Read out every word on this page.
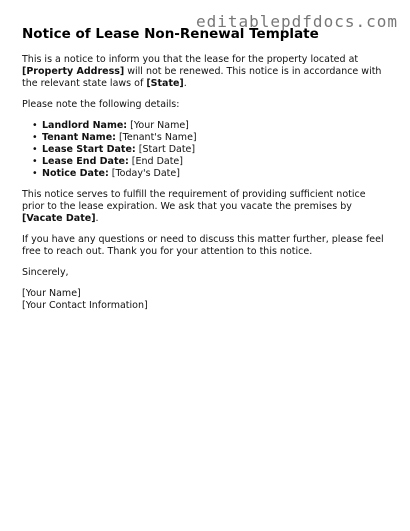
editablepdfdocs.com
Notice of Lease Non-Renewal Template

This is a notice to inform you that the lease for the property located at [Property Address] will not be renewed. This notice is in accordance with the relevant state laws of [State].

Please note the following details:

• Landlord Name: [Your Name]
• Tenant Name: [Tenant's Name]
• Lease Start Date: [Start Date]
• Lease End Date: [End Date]
• Notice Date: [Today's Date]

This notice serves to fulfill the requirement of providing sufficient notice prior to the lease expiration. We ask that you vacate the premises by [Vacate Date].

If you have any questions or need to discuss this matter further, please feel free to reach out. Thank you for your attention to this notice.

Sincerely,

[Your Name]
[Your Contact Information]
